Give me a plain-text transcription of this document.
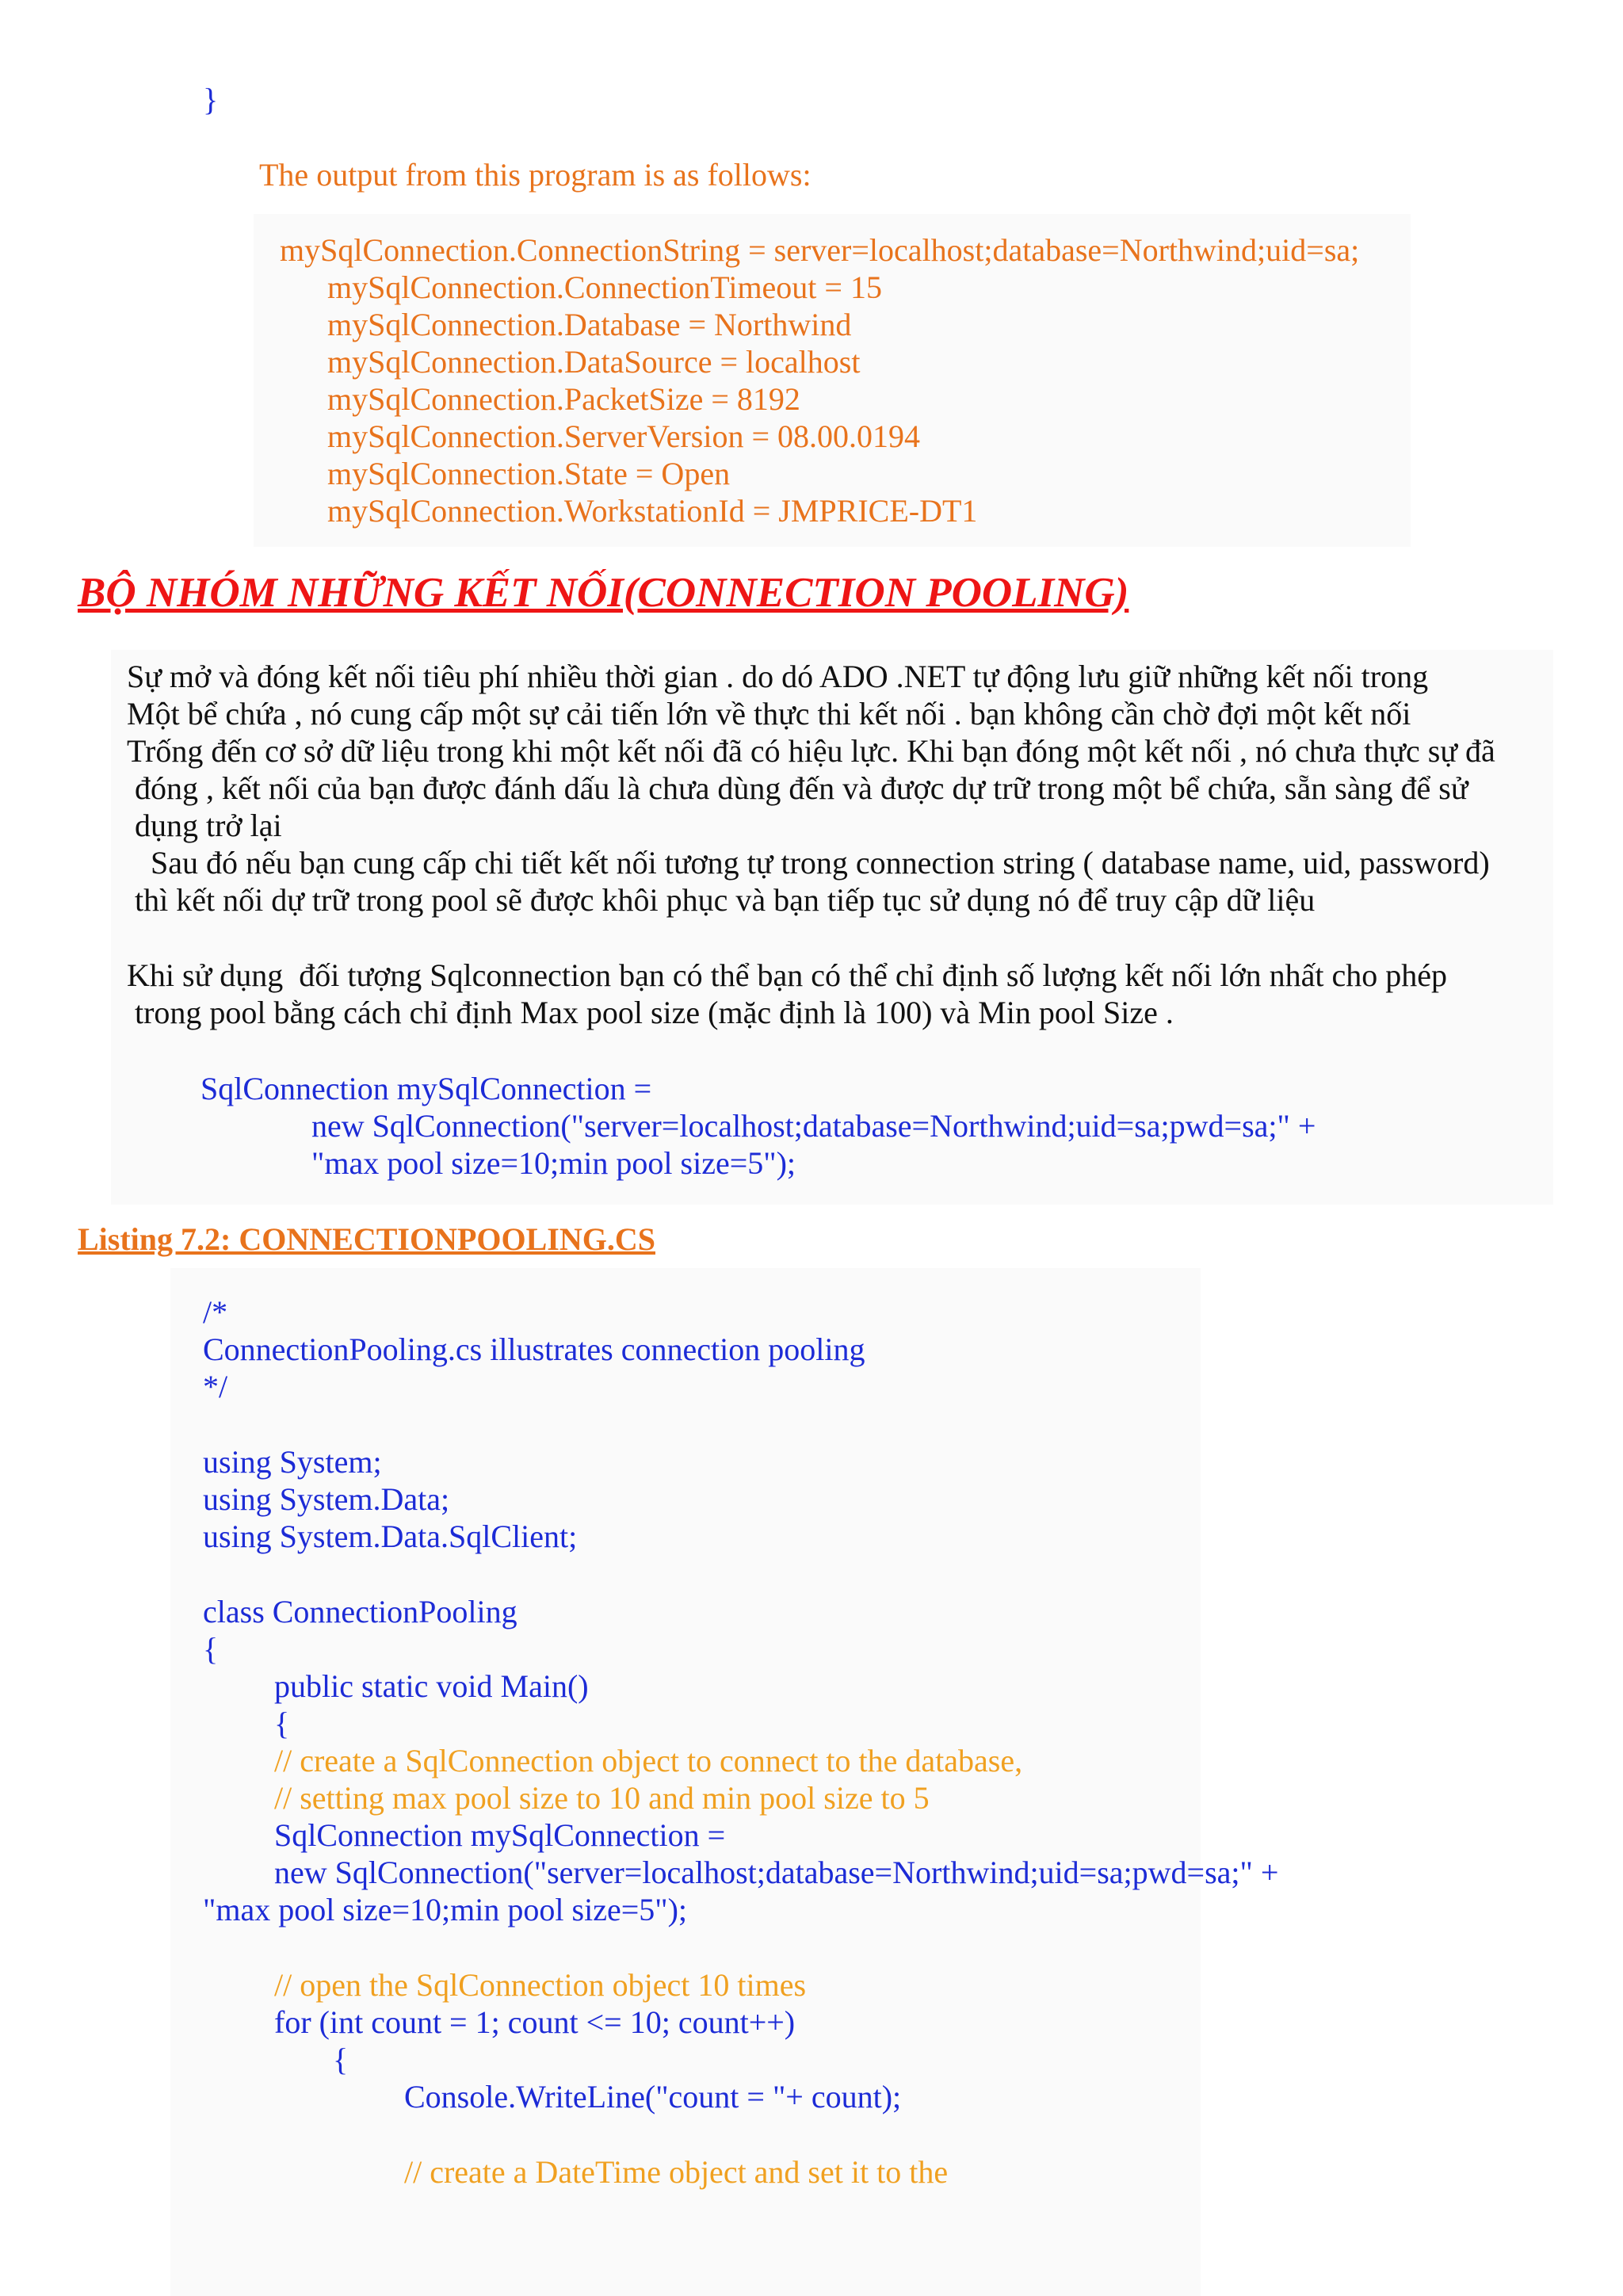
}
The output from this program is as follows:
mySqlConnection.ConnectionString = server=localhost;database=Northwind;uid=sa;
mySqlConnection.ConnectionTimeout = 15
mySqlConnection.Database = Northwind
mySqlConnection.DataSource = localhost
mySqlConnection.PacketSize = 8192
mySqlConnection.ServerVersion = 08.00.0194
mySqlConnection.State = Open
mySqlConnection.WorkstationId = JMPRICE-DT1
BỘ NHÓM NHỮNG KẾT NỐI(CONNECTION POOLING)
Sự mở và đóng kết nối tiêu phí nhiều thời gian . do dó ADO .NET tự động lưu giữ những kết nối trong
Một bể chứa , nó cung cấp một sự cải tiến lớn về thực thi kết nối . bạn không cần chờ đợi một kết nối
Trống đến cơ sở dữ liệu trong khi một kết nối đã có hiệu lực. Khi bạn đóng một kết nối , nó chưa thực sự đã
đóng , kết nối của bạn được đánh dấu là chưa dùng đến và được dự trữ trong một bể chứa, sẵn sàng để sử
dụng trở lại
Sau đó nếu bạn cung cấp chi tiết kết nối tương tự trong connection string ( database name, uid, password)
thì kết nối dự trữ trong pool sẽ được khôi phục và bạn tiếp tục sử dụng nó để truy cập dữ liệu
Khi sử dụng  đối tượng Sqlconnection bạn có thể bạn có thể chỉ định số lượng kết nối lớn nhất cho phép
trong pool bằng cách chỉ định Max pool size (mặc định là 100) và Min pool Size .
SqlConnection mySqlConnection =
new SqlConnection("server=localhost;database=Northwind;uid=sa;pwd=sa;" +
"max pool size=10;min pool size=5");
Listing 7.2: CONNECTIONPOOLING.CS
/*
ConnectionPooling.cs illustrates connection pooling
*/
using System;
using System.Data;
using System.Data.SqlClient;
class ConnectionPooling
{
public static void Main()
{
// create a SqlConnection object to connect to the database,
// setting max pool size to 10 and min pool size to 5
SqlConnection mySqlConnection =
new SqlConnection("server=localhost;database=Northwind;uid=sa;pwd=sa;" +
"max pool size=10;min pool size=5");
// open the SqlConnection object 10 times
for (int count = 1; count <= 10; count++)
{
Console.WriteLine("count = "+ count);
// create a DateTime object and set it to the
